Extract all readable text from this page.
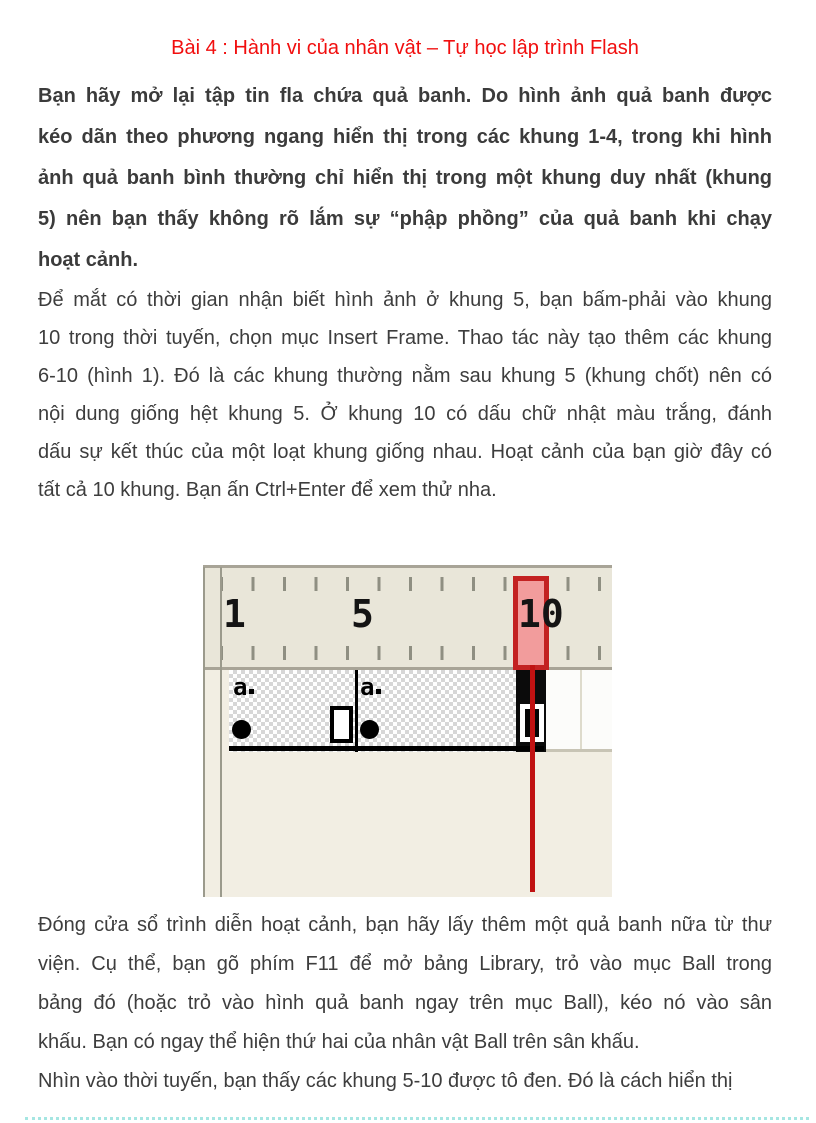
Bài 4 : Hành vi của nhân vật – Tự học lập trình Flash
Bạn hãy mở lại tập tin fla chứa quả banh. Do hình ảnh quả banh được
kéo dãn theo phương ngang hiển thị trong các khung 1-4, trong khi hình
ảnh quả banh bình thường chỉ hiển thị trong một khung duy nhất (khung
5) nên bạn thấy không rõ lắm sự “phập phồng” của quả banh khi chạy
hoạt cảnh.
Để mắt có thời gian nhận biết hình ảnh ở khung 5, bạn bấm-phải vào khung
10 trong thời tuyến, chọn mục Insert Frame. Thao tác này tạo thêm các khung
6-10 (hình 1). Đó là các khung thường nằm sau khung 5 (khung chốt) nên có
nội dung giống hệt khung 5. Ở khung 10 có dấu chữ nhật màu trắng, đánh
dấu sự kết thúc của một loạt khung giống nhau. Hoạt cảnh của bạn giờ đây có
tất cả 10 khung. Bạn ấn Ctrl+Enter để xem thử nha.
1	5	10
a	a
Đóng cửa sổ trình diễn hoạt cảnh, bạn hãy lấy thêm một quả banh nữa từ thư
viện. Cụ thể, bạn gõ phím F11 để mở bảng Library, trỏ vào mục Ball trong
bảng đó (hoặc trỏ vào hình quả banh ngay trên mục Ball), kéo nó vào sân
khấu. Bạn có ngay thể hiện thứ hai của nhân vật Ball trên sân khấu.
Nhìn vào thời tuyến, bạn thấy các khung 5-10 được tô đen. Đó là cách hiển thị
